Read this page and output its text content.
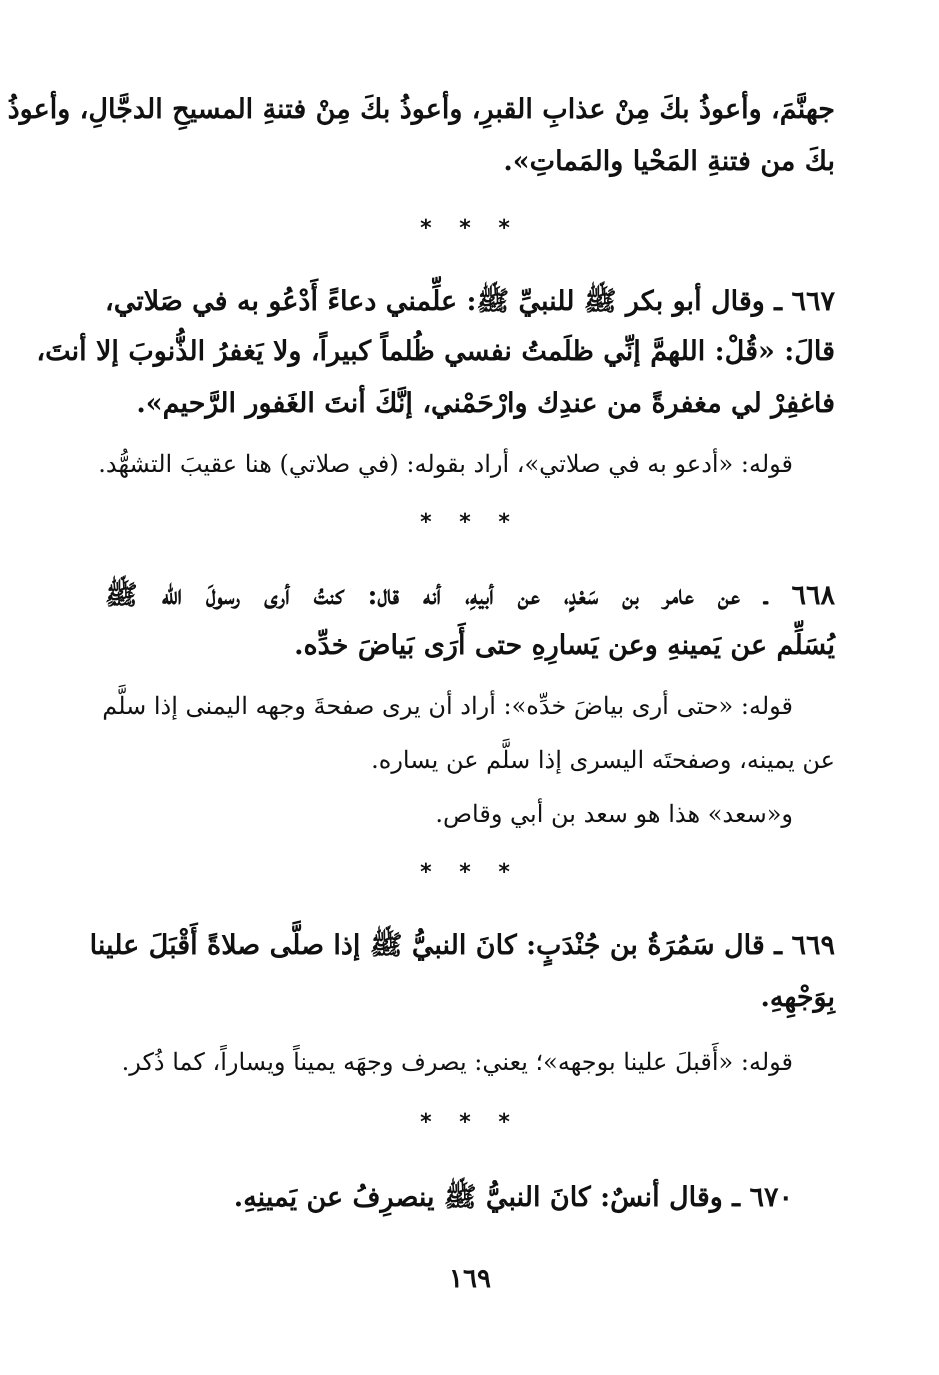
جهنَّمَ، وأعوذُ بكَ مِنْ عذابِ القبرِ، وأعوذُ بكَ مِنْ فتنةِ المسيحِ الدجَّالِ، وأعوذُ
بكَ من فتنةِ المَحْيا والمَماتِ».
* * *
٦٦٧ ـ وقال أبو بكر ﷺ للنبيِّ ﷺ: علِّمني دعاءً أَدْعُو به في صَلاتي،
قالَ: «قُلْ: اللهمَّ إنِّي ظلَمتُ نفسي ظُلماً كبيراً، ولا يَغفرُ الذُّنوبَ إلا أنتَ،
فاغفِرْ لي مغفرةً من عندِك وارْحَمْني، إنَّكَ أنتَ الغَفور الرَّحيم».
قوله: «أدعو به في صلاتي»، أراد بقوله: (في صلاتي) هنا عقيبَ التشهُّد.
* * *
٦٦٨ ـ عن عامر بن سَعْدٍ، عن أبيهِ، أنه قال: كنتُ أرى رسولَ الله ﷺ
يُسَلِّم عن يَمينهِ وعن يَسارِهِ حتى أَرَى بَياضَ خدِّه.
قوله: «حتى أرى بياضَ خدِّه»: أراد أن يرى صفحةَ وجهه اليمنى إذا سلَّم
عن يمينه، وصفحتَه اليسرى إذا سلَّم عن يساره.
و«سعد» هذا هو سعد بن أبي وقاص.
* * *
٦٦٩ ـ قال سَمُرَةُ بن جُنْدَبٍ: كانَ النبيُّ ﷺ إذا صلَّى صلاةً أَقْبَلَ علينا
بِوَجْهِهِ.
قوله: «أَقبلَ علينا بوجهه»؛ يعني: يصرف وجهَه يميناً ويساراً، كما ذُكر.
* * *
٦٧٠ ـ وقال أنسٌ: كانَ النبيُّ ﷺ ينصرِفُ عن يَمينِهِ.
١٦٩
